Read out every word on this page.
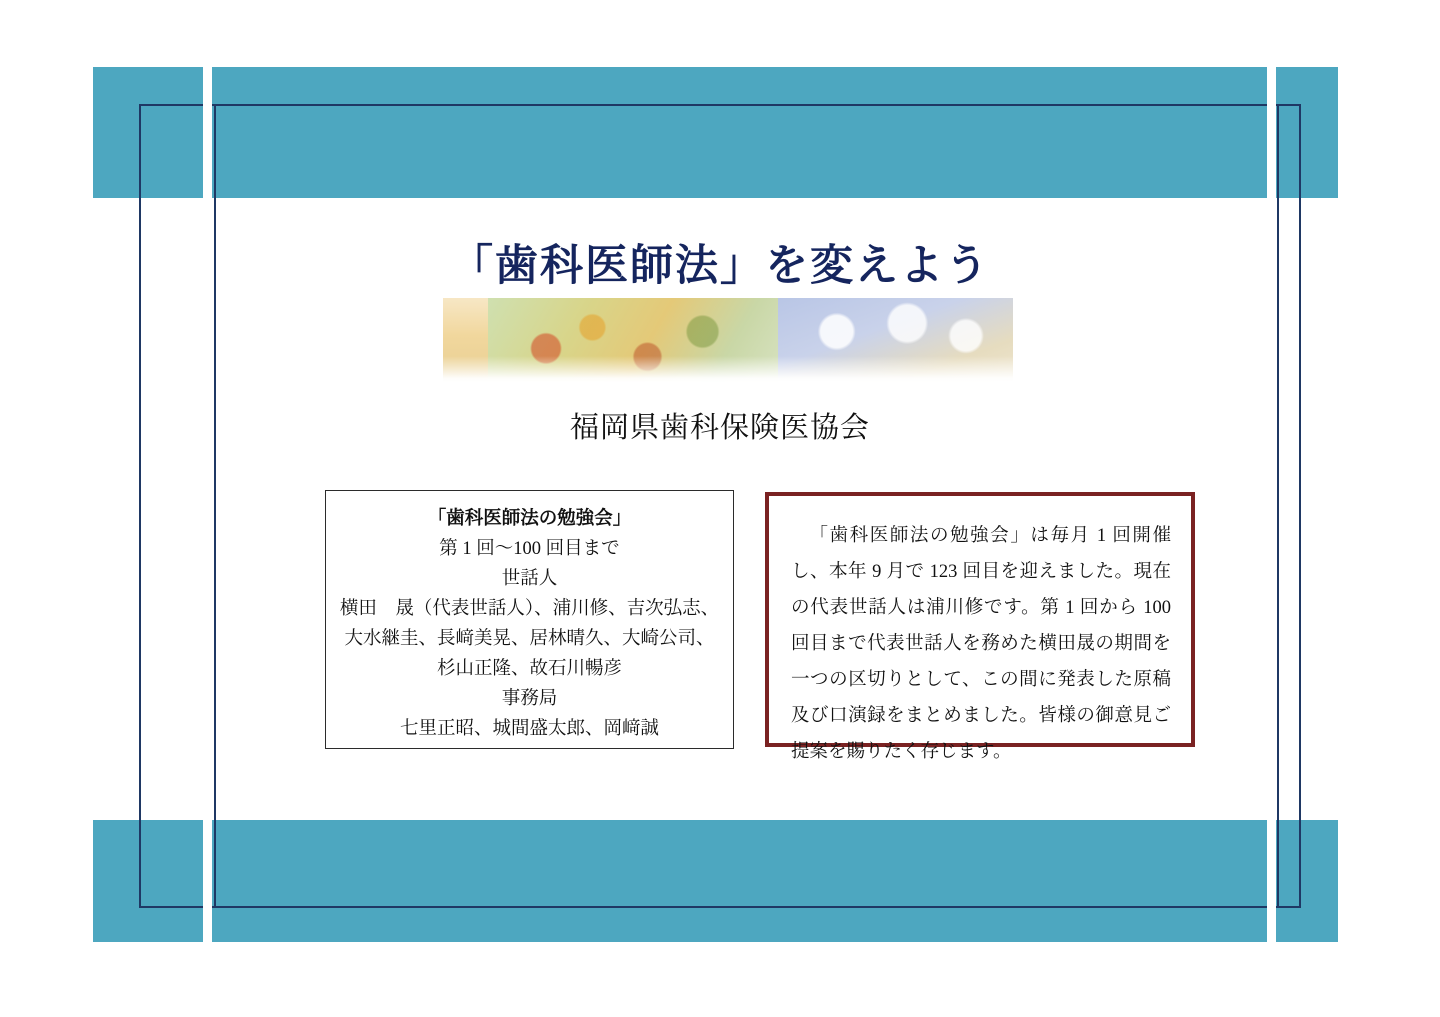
「歯科医師法」を変えよう
福岡県歯科保険医協会
「歯科医師法の勉強会」
第 1 回～100 回目まで
世話人
横田　晟（代表世話人）、浦川修、吉次弘志、
大水継圭、長﨑美晃、居林晴久、大崎公司、
杉山正隆、故石川暢彦
事務局
七里正昭、城間盛太郎、岡﨑誠

「歯科医師法の勉強会」は毎月 1 回開催し、本年 9 月で 123 回目を迎えました。現在の代表世話人は浦川修です。第 1 回から 100 回目まで代表世話人を務めた横田晟の期間を一つの区切りとして、この間に発表した原稿及び口演録をまとめました。皆様の御意見ご提案を賜りたく存じます。
